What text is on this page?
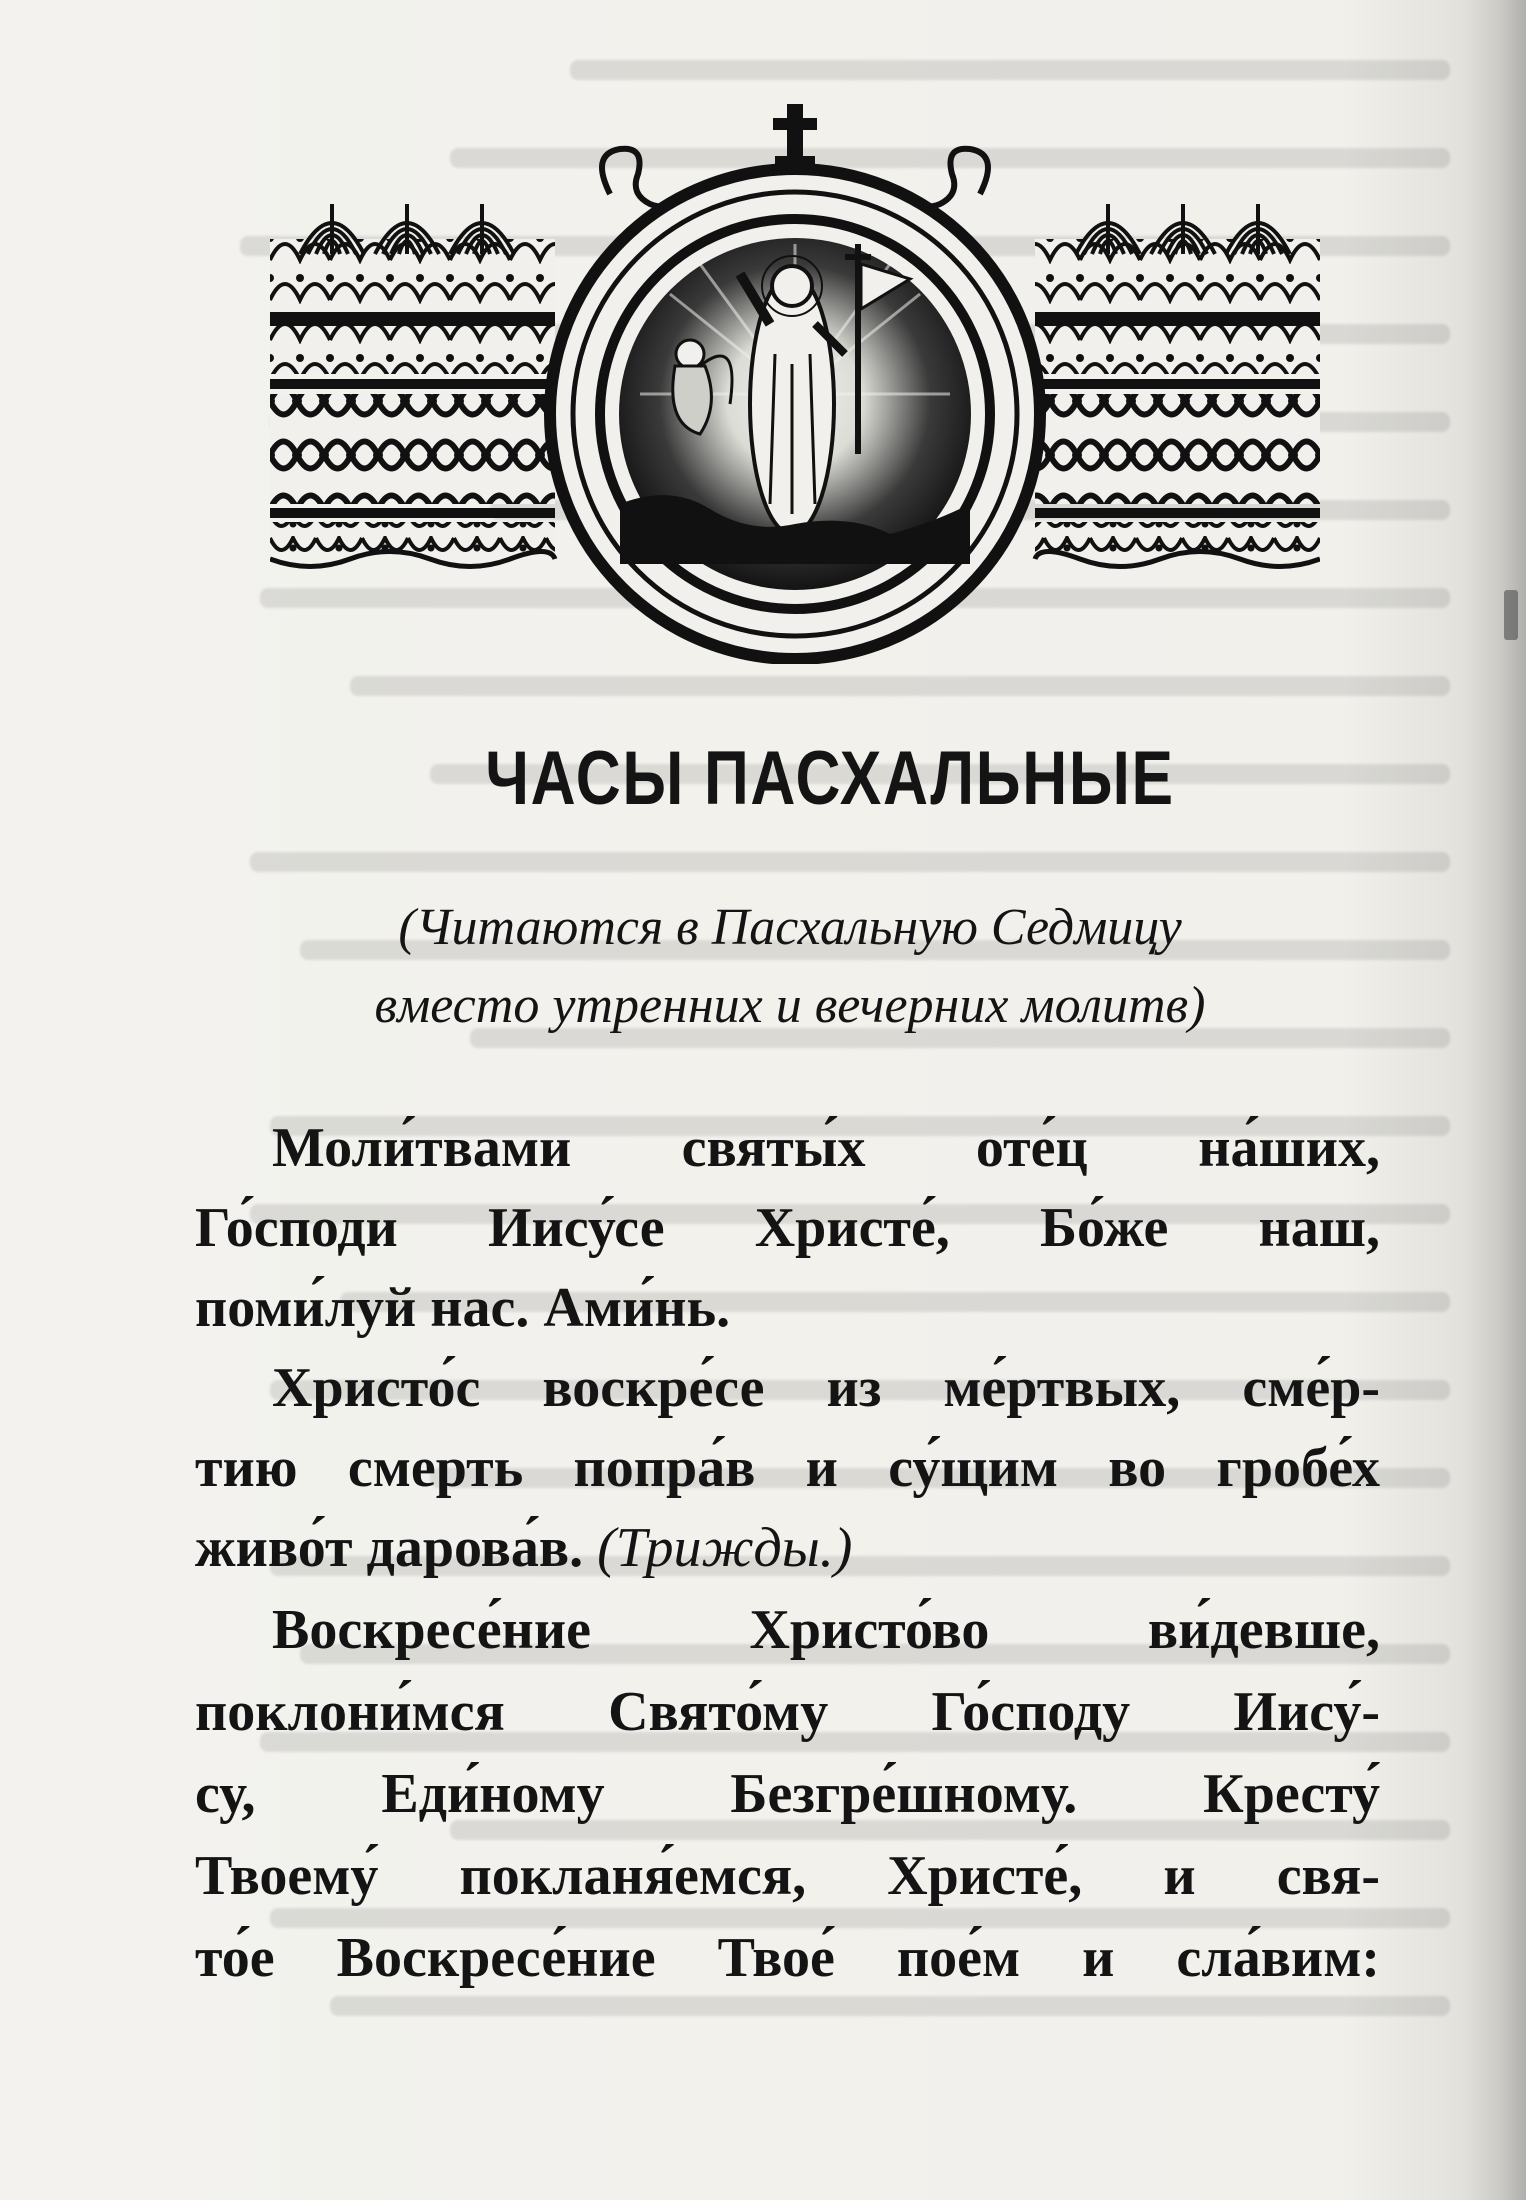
ЧАСЫ ПАСХАЛЬНЫЕ
(Читаются в Пасхальную Седмицу
вместо утренних и вечерних молитв)
Моли́твами святы́х оте́ц на́ших,
Го́споди Иису́се Христе́, Бо́же наш,
поми́луй нас. Ами́нь.
Христо́с воскре́се из ме́ртвых, сме́р-
тию смерть попра́в и су́щим во гробе́х
живо́т дарова́в. (Трижды.)
Воскресе́ние Христо́во ви́девше,
поклони́мся Свято́му Го́споду Иису́-
су, Еди́ному Безгре́шному. Кресту́
Твоему́ покланя́емся, Христе́, и свя-
то́е Воскресе́ние Твое́ пое́м и сла́вим:
